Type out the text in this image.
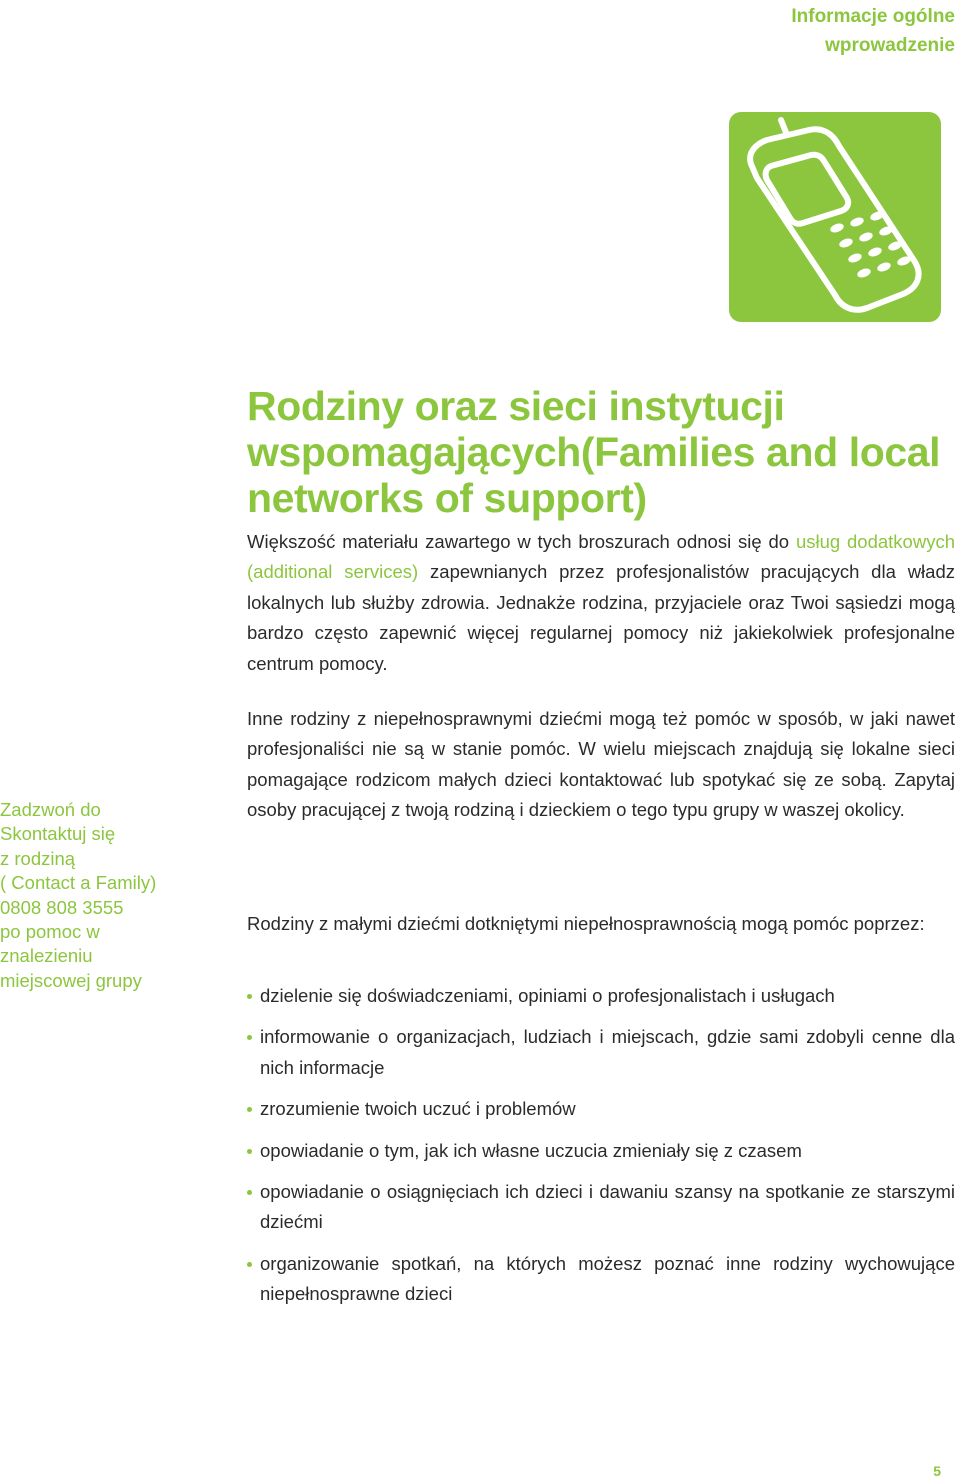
Informacje ogólne
wprowadzenie
Rodziny oraz sieci instytucji wspomagających(Families and local networks of support)

Większość materiału zawartego w tych broszurach odnosi się do usług dodatkowych (additional services) zapewnianych przez profesjonalistów pracujących dla władz lokalnych lub służby zdrowia. Jednakże rodzina, przyjaciele oraz Twoi sąsiedzi mogą bardzo często zapewnić więcej regularnej pomocy niż jakiekolwiek profesjonalne centrum pomocy.

Inne rodziny z niepełnosprawnymi dziećmi mogą też pomóc w sposób, w jaki nawet profesjonaliści nie są w stanie pomóc. W wielu miejscach znajdują się lokalne sieci pomagające rodzicom małych dzieci kontaktować lub spotykać się ze sobą. Zapytaj osoby pracującej z twoją rodziną i dzieckiem o tego typu grupy w waszej okolicy.

Rodziny z małymi dziećmi dotkniętymi niepełnosprawnością mogą pomóc poprzez:

Zadzwoń do
Skontaktuj się
z rodziną
( Contact a Family)
0808 808 3555
po pomoc w
znalezieniu
miejscowej grupy
dzielenie się doświadczeniami, opiniami o profesjonalistach i usługach
informowanie o organizacjach, ludziach i miejscach, gdzie sami zdobyli cenne dla nich informacje
zrozumienie twoich uczuć i problemów
opowiadanie o tym, jak ich własne uczucia zmieniały się z czasem
opowiadanie o osiągnięciach ich dzieci i dawaniu szansy na spotkanie ze starszymi dziećmi
organizowanie spotkań, na których możesz poznać inne rodziny wychowujące niepełnosprawne dzieci
5
